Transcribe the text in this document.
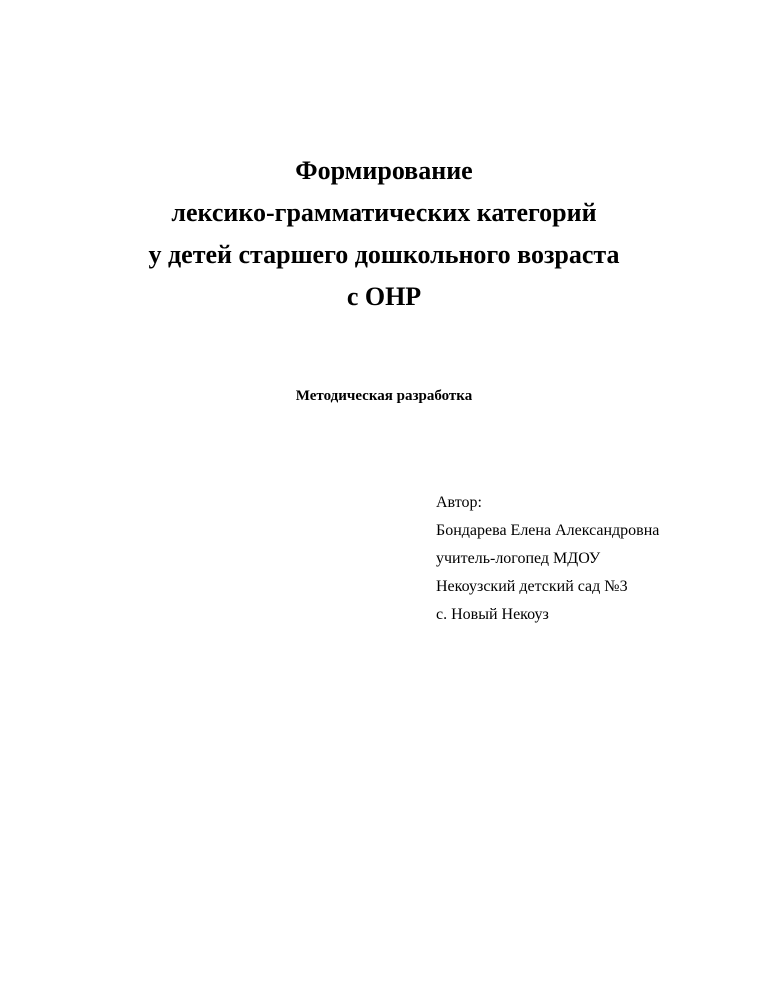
Формирование
лексико-грамматических категорий
у детей старшего дошкольного возраста
с ОНР
Методическая разработка
Автор:
Бондарева Елена Александровна
учитель-логопед МДОУ
Некоузский детский сад №3
с. Новый Некоуз
